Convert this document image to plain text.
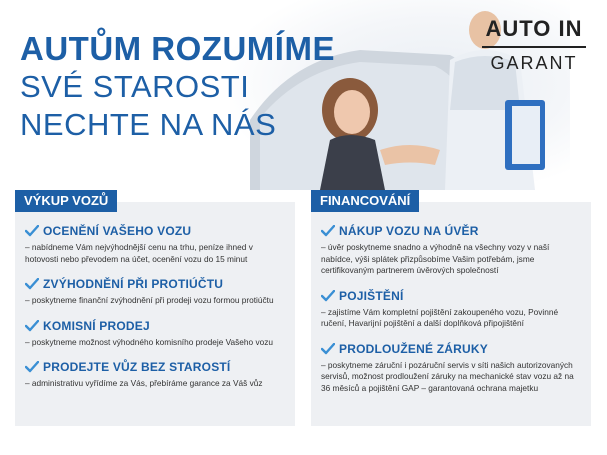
AUTŮM ROZUMÍME
SVÉ STAROSTI
NECHTE NA NÁS
AUTO IN
GARANT
VÝKUP VOZŮ
OCENĚNÍ VAŠEHO VOZU
– nabídneme Vám nejvýhodnější cenu na trhu, peníze ihned v hotovosti nebo převodem na účet, ocenění vozu do 15 minut
ZVÝHODNĚNÍ PŘI PROTIÚČTU
– poskytneme finanční zvýhodnění při prodeji vozu formou protiúčtu
KOMISNÍ PRODEJ
– poskytneme možnost výhodného komisního prodeje Vašeho vozu
PRODEJTE VŮZ BEZ STAROSTÍ
– administrativu vyřídíme za Vás, přebíráme garance za Váš vůz
FINANCOVÁNÍ
NÁKUP VOZU NA ÚVĚR
– úvěr poskytneme snadno a výhodně na všechny vozy v naší nabídce, výši splátek přizpůsobíme Vašim potřebám, jsme certifikovaným partnerem úvěrových společností
POJIŠTĚNÍ
– zajistíme Vám kompletní pojištění zakoupeného vozu, Povinné ručení, Havarijní pojištění a další doplňková připojištění
PRODLOUŽENÉ ZÁRUKY
– poskytneme záruční i pozáruční servis v síti našich autorizovaných servisů, možnost prodloužení záruky na mechanické stav vozu až na 36 měsíců a pojištění GAP – garantovaná ochrana majetku
